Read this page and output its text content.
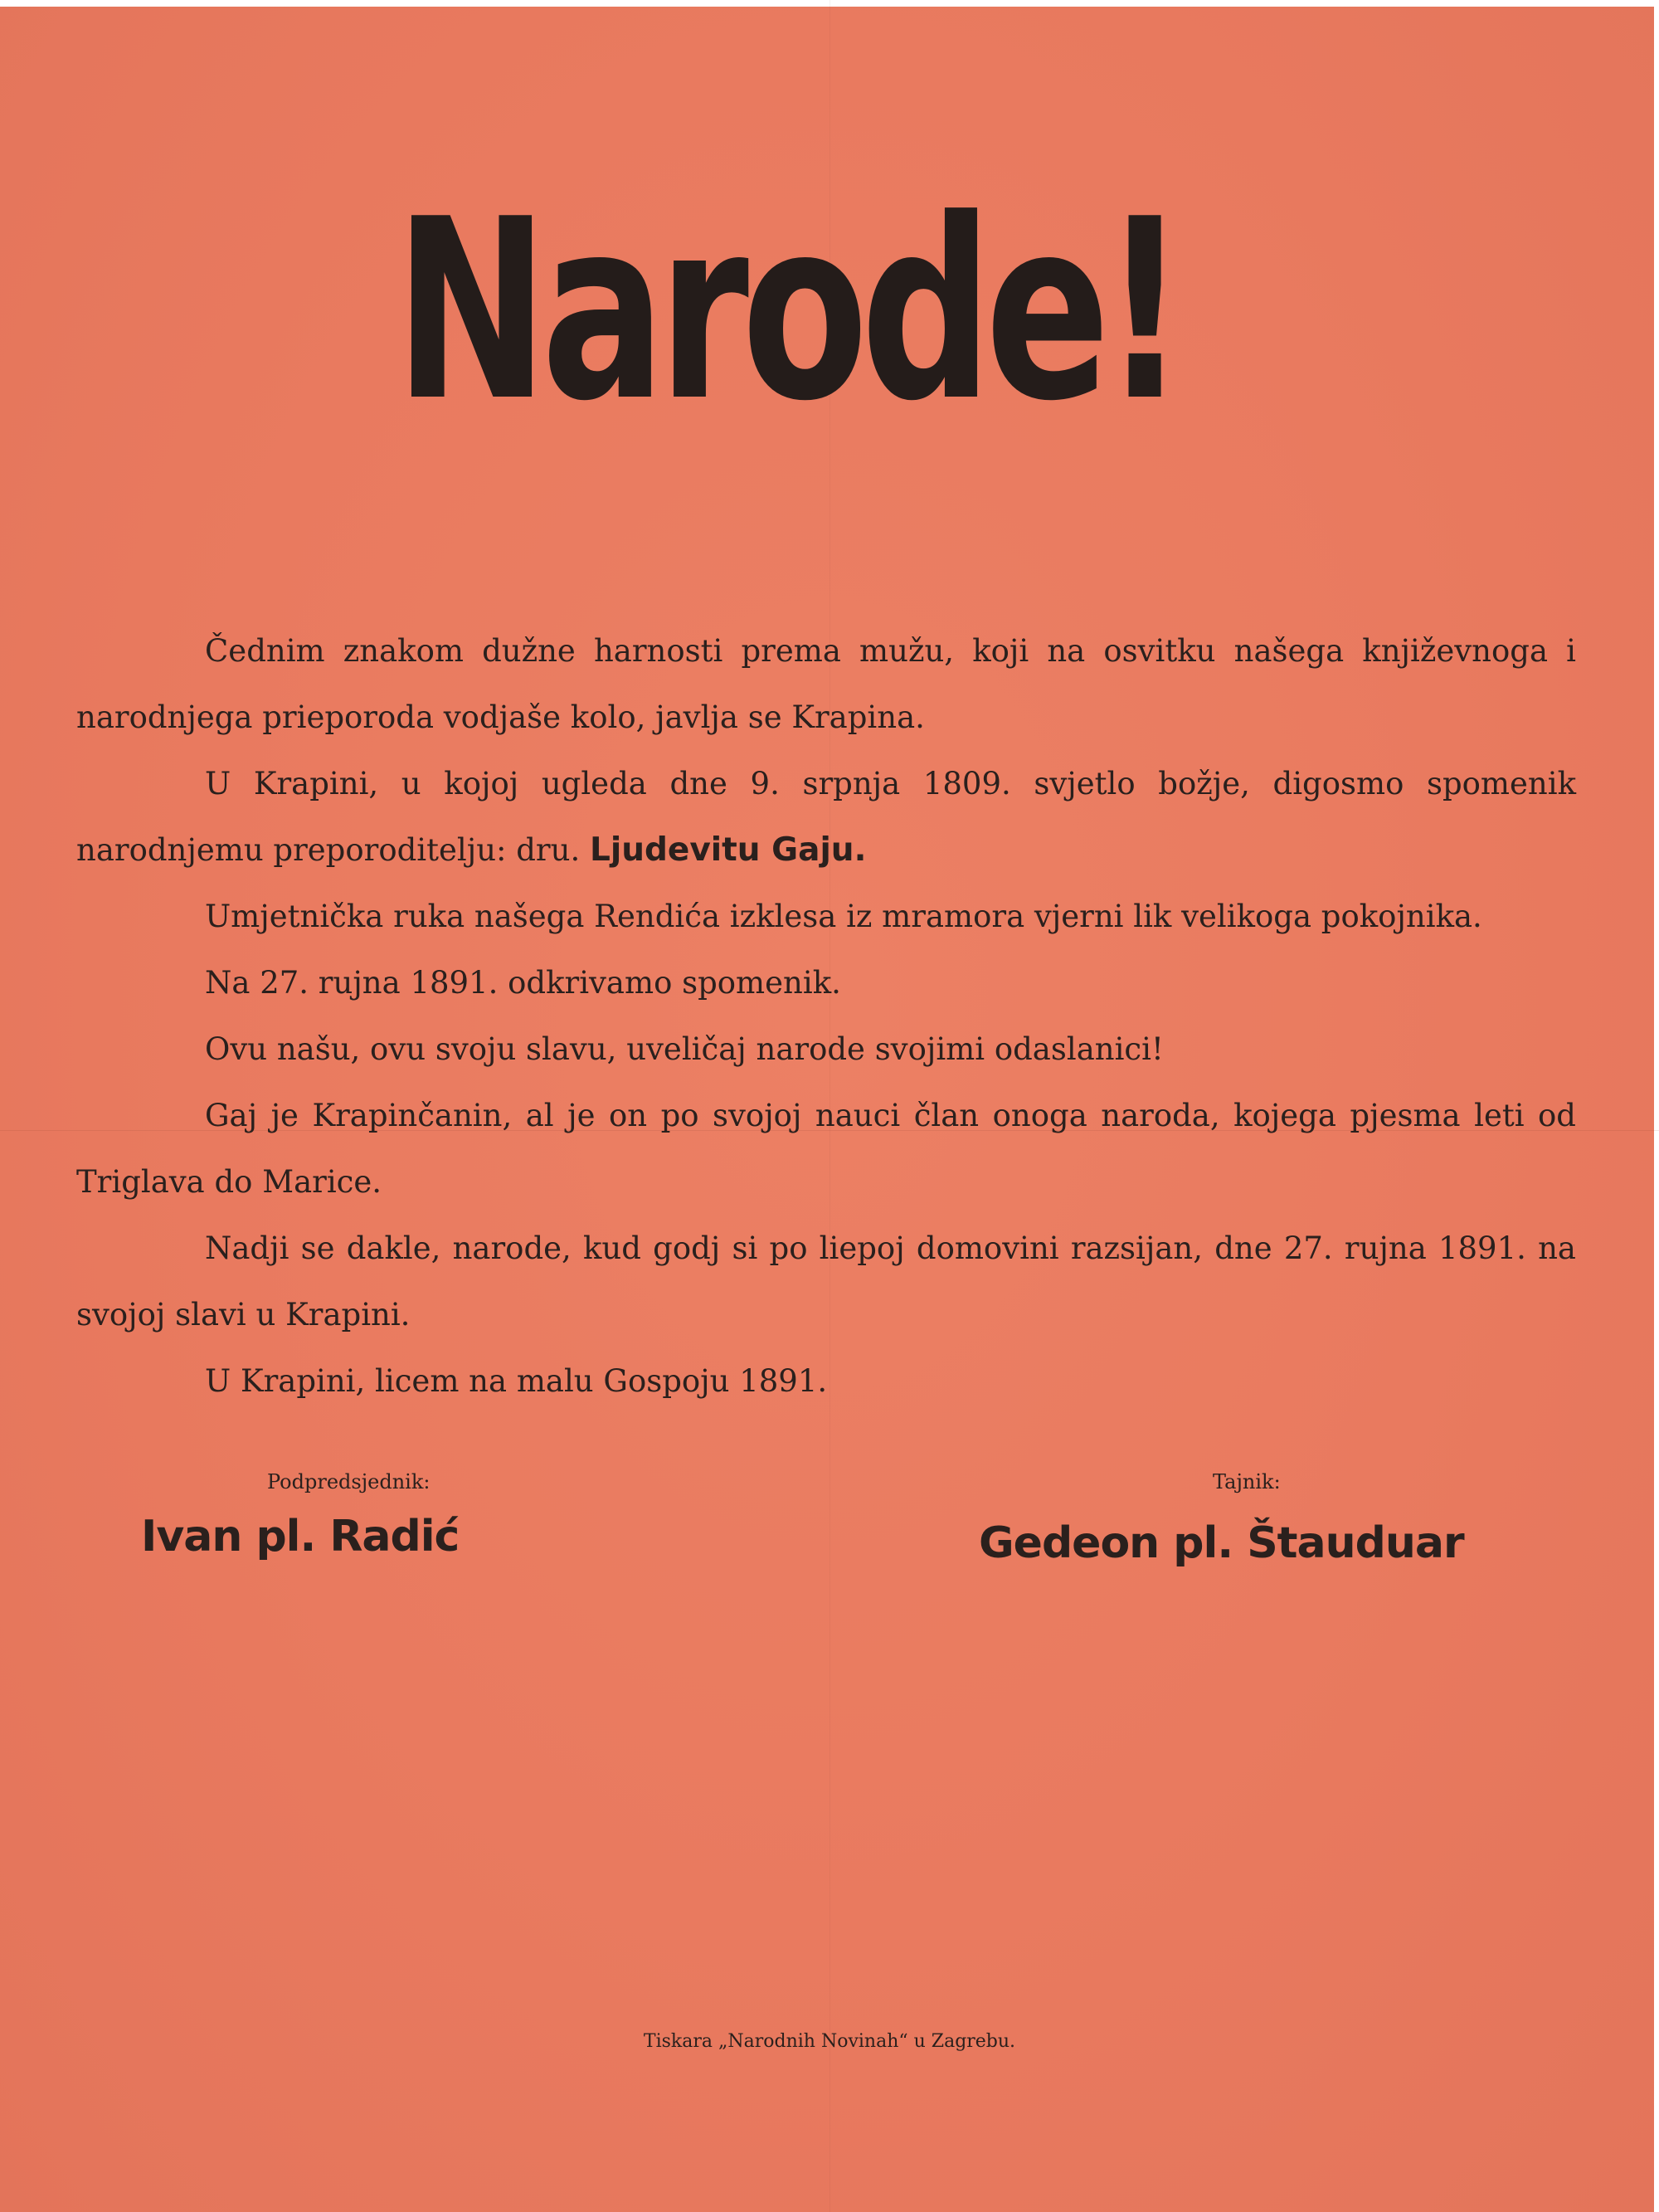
Narode!

Čednim znakom dužne harnosti prema mužu, koji na osvitku našega književnoga i narodnjega prieporoda vodjaše kolo, javlja se Krapina.

U Krapini, u kojoj ugleda dne 9. srpnja 1809. svjetlo božje, digosmo spomenik narodnjemu preporoditelju: dru. Ljudevitu Gaju.

Umjetnička ruka našega Rendića izklesa iz mramora vjerni lik velikoga pokojnika.

Na 27. rujna 1891. odkrivamo spomenik.

Ovu našu, ovu svoju slavu, uveličaj narode svojimi odaslanici!

Gaj je Krapinčanin, al je on po svojoj nauci član onoga naroda, kojega pjesma leti od Triglava do Marice.

Nadji se dakle, narode, kud godj si po liepoj domovini razsijan, dne 27. rujna 1891. na svojoj slavi u Krapini.

U Krapini, licem na malu Gospoju 1891.

Podpredsjednik:
Ivan pl. Radić
Tajnik:
Gedeon pl. Štauduar
Tiskara „Narodnih Novinah“ u Zagrebu.
